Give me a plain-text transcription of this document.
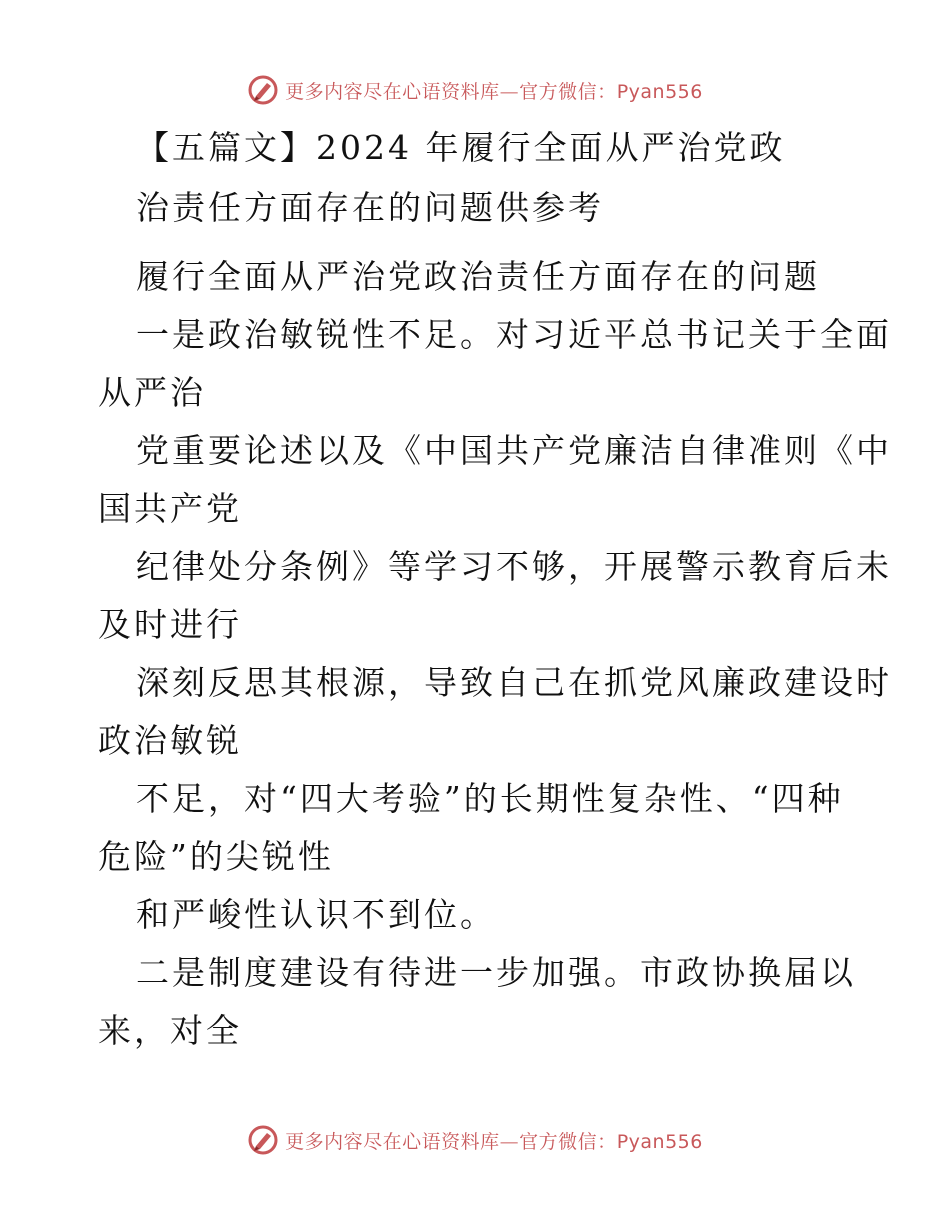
更多内容尽在心语资料库—官方微信：Pyan556

【五篇文】2024 年履行全面从严治党政

治责任方面存在的问题供参考

履行全面从严治党政治责任方面存在的问题

一是政治敏锐性不足。对习近平总书记关于全面

从严治

党重要论述以及《中国共产党廉洁自律准则《中

国共产党

纪律处分条例》等学习不够，开展警示教育后未

及时进行

深刻反思其根源，导致自己在抓党风廉政建设时

政治敏锐

不足，对“四大考验”的长期性复杂性、“四种

危险”的尖锐性

和严峻性认识不到位。

二是制度建设有待进一步加强。市政协换届以

来，对全

更多内容尽在心语资料库—官方微信：Pyan556
